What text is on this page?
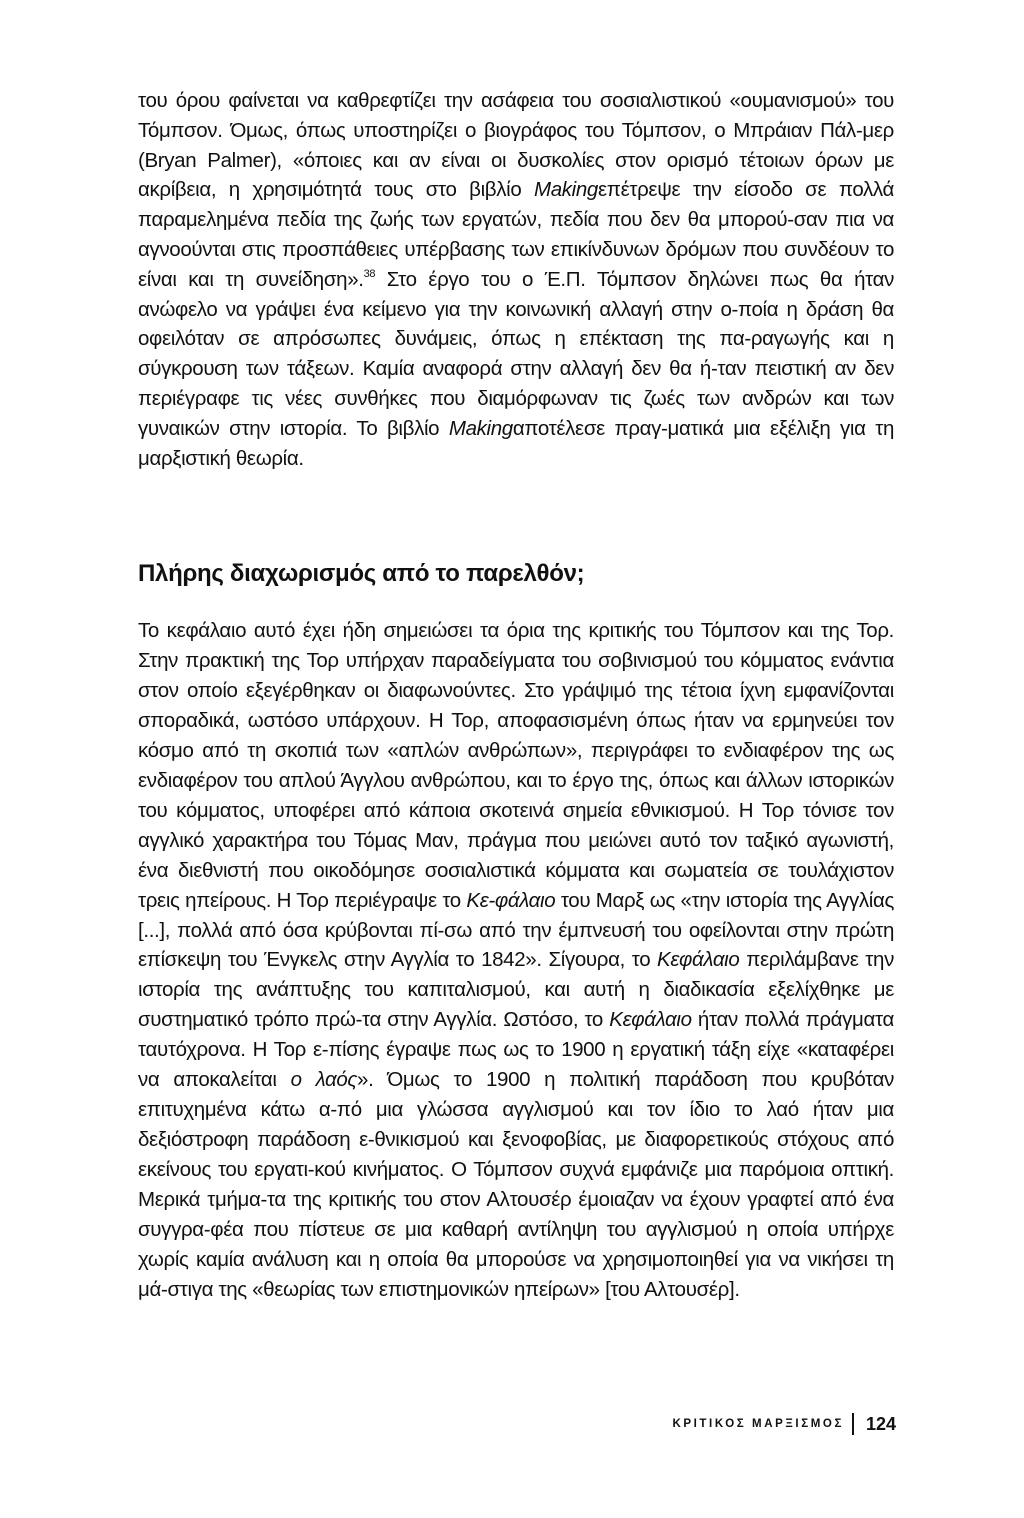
του όρου φαίνεται να καθρεφτίζει την ασάφεια του σοσιαλιστικού «ουμανισμού» του Τόμπσον. Όμως, όπως υποστηρίζει ο βιογράφος του Τόμπσον, ο Μπράιαν Πάλ-μερ (Bryan Palmer), «όποιες και αν είναι οι δυσκολίες στον ορισμό τέτοιων όρων με ακρίβεια, η χρησιμότητά τους στο βιβλίο Makingεπέτρεψε την είσοδο σε πολλά παραμελημένα πεδία της ζωής των εργατών, πεδία που δεν θα μπορού-σαν πια να αγνοούνται στις προσπάθειες υπέρβασης των επικίνδυνων δρόμων που συνδέουν το είναι και τη συνείδηση».$^{38}$ Στο έργο του ο Έ.Π. Τόμπσον δηλώνει πως θα ήταν ανώφελο να γράψει ένα κείμενο για την κοινωνική αλλαγή στην ο-ποία η δράση θα οφειλόταν σε απρόσωπες δυνάμεις, όπως η επέκταση της πα-ραγωγής και η σύγκρουση των τάξεων. Καμία αναφορά στην αλλαγή δεν θα ή-ταν πειστική αν δεν περιέγραφε τις νέες συνθήκες που διαμόρφωναν τις ζωές των ανδρών και των γυναικών στην ιστορία. Το βιβλίο Makingαποτέλεσε πραγ-ματικά μια εξέλιξη για τη μαρξιστική θεωρία.

Πλήρης διαχωρισμός από το παρελθόν;

Το κεφάλαιο αυτό έχει ήδη σημειώσει τα όρια της κριτικής του Τόμπσον και της Τορ. Στην πρακτική της Τορ υπήρχαν παραδείγματα του σοβινισμού του κόμματος ενάντια στον οποίο εξεγέρθηκαν οι διαφωνούντες. Στο γράψιμό της τέτοια ίχνη εμφανίζονται σποραδικά, ωστόσο υπάρχουν. Η Τορ, αποφασισμένη όπως ήταν να ερμηνεύει τον κόσμο από τη σκοπιά των «απλών ανθρώπων», περιγράφει το ενδιαφέρον της ως ενδιαφέρον του απλού Άγγλου ανθρώπου, και το έργο της, όπως και άλλων ιστορικών του κόμματος, υποφέρει από κάποια σκοτεινά σημεία εθνικισμού. Η Τορ τόνισε τον αγγλικό χαρακτήρα του Τόμας Μαν, πράγμα που μειώνει αυτό τον ταξικό αγωνιστή, ένα διεθνιστή που οικοδόμησε σοσιαλιστικά κόμματα και σωματεία σε τουλάχιστον τρεις ηπείρους. Η Τορ περιέγραψε το Κε-φάλαιο του Μαρξ ως «την ιστορία της Αγγλίας [...], πολλά από όσα κρύβονται πί-σω από την έμπνευσή του οφείλονται στην πρώτη επίσκεψη του Ένγκελς στην Αγγλία το 1842». Σίγουρα, το Κεφάλαιο περιλάμβανε την ιστορία της ανάπτυξης του καπιταλισμού, και αυτή η διαδικασία εξελίχθηκε με συστηματικό τρόπο πρώ-τα στην Αγγλία. Ωστόσο, το Κεφάλαιο ήταν πολλά πράγματα ταυτόχρονα. Η Τορ ε-πίσης έγραψε πως ως το 1900 η εργατική τάξη είχε «καταφέρει να αποκαλείται ο λαός». Όμως το 1900 η πολιτική παράδοση που κρυβόταν επιτυχημένα κάτω α-πό μια γλώσσα αγγλισμού και τον ίδιο το λαό ήταν μια δεξιόστροφη παράδοση ε-θνικισμού και ξενοφοβίας, με διαφορετικούς στόχους από εκείνους του εργατι-κού κινήματος. Ο Τόμπσον συχνά εμφάνιζε μια παρόμοια οπτική. Μερικά τμήμα-τα της κριτικής του στον Αλτουσέρ έμοιαζαν να έχουν γραφτεί από ένα συγγρα-φέα που πίστευε σε μια καθαρή αντίληψη του αγγλισμού η οποία υπήρχε χωρίς καμία ανάλυση και η οποία θα μπορούσε να χρησιμοποιηθεί για να νικήσει τη μά-στιγα της «θεωρίας των επιστημονικών ηπείρων» [του Αλτουσέρ].

ΚΡΙΤΙΚΟΣ ΜΑΡΞΙΣΜΟΣ 124
